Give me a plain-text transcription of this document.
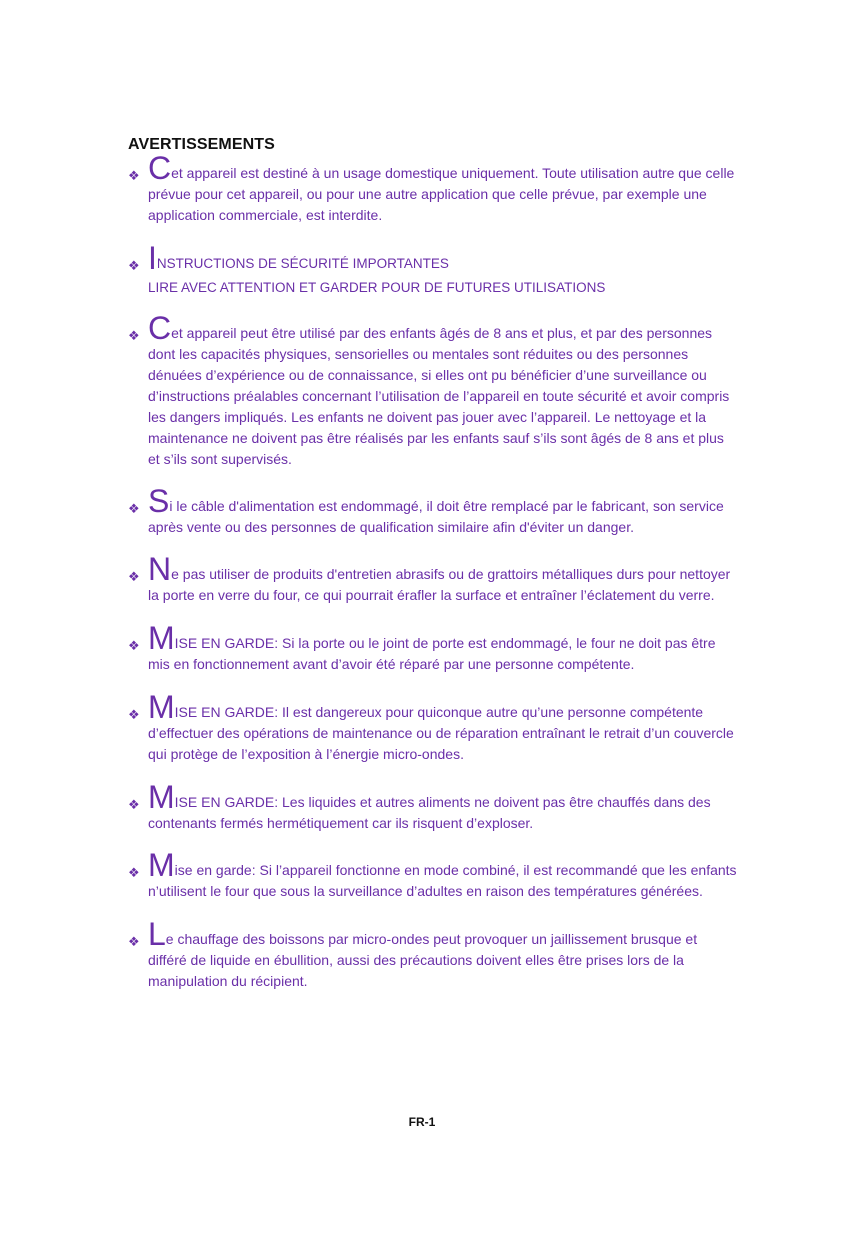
AVERTISSEMENTS
❖ Cet appareil est destiné à un usage domestique uniquement. Toute utilisation autre que celle prévue pour cet appareil, ou pour une autre application que celle prévue, par exemple une application commerciale, est interdite.
❖ INSTRUCTIONS DE SÉCURITÉ IMPORTANTES
LIRE AVEC ATTENTION ET GARDER POUR DE FUTURES UTILISATIONS
❖ Cet appareil peut être utilisé par des enfants âgés de 8 ans et plus, et par des personnes dont les capacités physiques, sensorielles ou mentales sont réduites ou des personnes dénuées d’expérience ou de connaissance, si elles ont pu bénéficier d’une surveillance ou d’instructions préalables concernant l’utilisation de l’appareil en toute sécurité et avoir compris les dangers impliqués. Les enfants ne doivent pas jouer avec l’appareil. Le nettoyage et la maintenance ne doivent pas être réalisés par les enfants sauf s’ils sont âgés de 8 ans et plus et s’ils sont supervisés.
❖ Si le câble d'alimentation est endommagé, il doit être remplacé par le fabricant, son service après vente ou des personnes de qualification similaire afin d'éviter un danger.
❖ Ne pas utiliser de produits d'entretien abrasifs ou de grattoirs métalliques durs pour nettoyer la porte en verre du four, ce qui pourrait érafler la surface et entraîner l’éclatement du verre.
❖ MISE EN GARDE: Si la porte ou le joint de porte est endommagé, le four ne doit pas être mis en fonctionnement avant d’avoir été réparé par une personne compétente.
❖ MISE EN GARDE: Il est dangereux pour quiconque autre qu’une personne compétente d’effectuer des opérations de maintenance ou de réparation entraînant le retrait d’un couvercle qui protège de l’exposition à l’énergie micro-ondes.
❖ MISE EN GARDE: Les liquides et autres aliments ne doivent pas être chauffés dans des contenants fermés hermétiquement car ils risquent d’exploser.
❖ Mise en garde: Si l’appareil fonctionne en mode combiné, il est recommandé que les enfants n’utilisent le four que sous la surveillance d’adultes en raison des températures générées.
❖ Le chauffage des boissons par micro-ondes peut provoquer un jaillissement brusque et différé de liquide en ébullition, aussi des précautions doivent elles être prises lors de la manipulation du récipient.
FR-1
